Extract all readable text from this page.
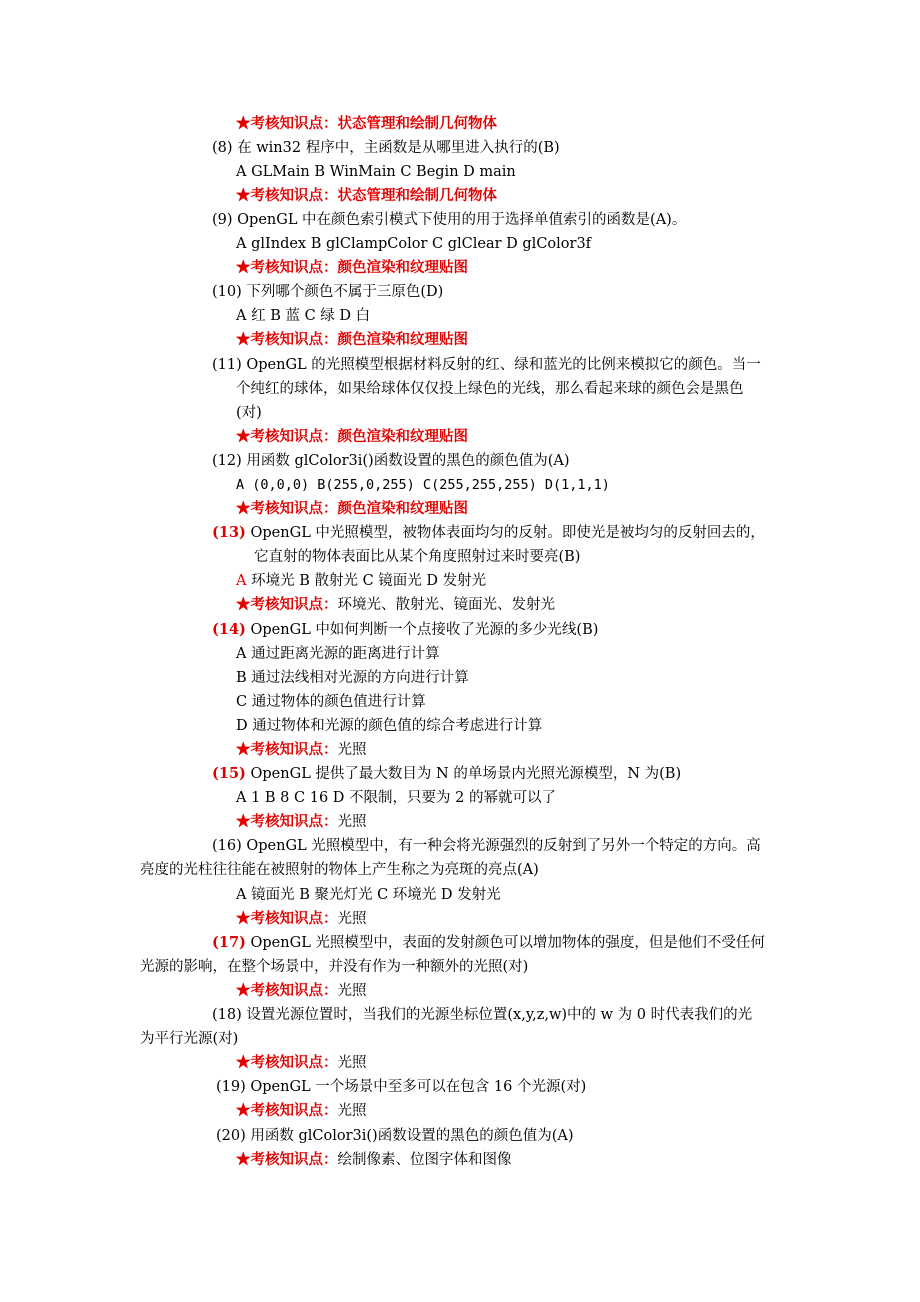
★考核知识点：状态管理和绘制几何物体
(8) 在 win32 程序中，主函数是从哪里进入执行的(B)
A GLMain B WinMain C Begin D main
★考核知识点：状态管理和绘制几何物体
(9) OpenGL 中在颜色索引模式下使用的用于选择单值索引的函数是(A)。
A glIndex B glClampColor C glClear D glColor3f
★考核知识点：颜色渲染和纹理贴图
(10) 下列哪个颜色不属于三原色(D)
A 红 B 蓝 C 绿 D 白
★考核知识点：颜色渲染和纹理贴图
(11) OpenGL 的光照模型根据材料反射的红、绿和蓝光的比例来模拟它的颜色。当一
个纯红的球体，如果给球体仅仅投上绿色的光线，那么看起来球的颜色会是黑色
(对)
★考核知识点：颜色渲染和纹理贴图
(12) 用函数 glColor3i()函数设置的黑色的颜色值为(A)
A (0,0,0) B(255,0,255) C(255,255,255) D(1,1,1)
★考核知识点：颜色渲染和纹理贴图
(13) OpenGL 中光照模型，被物体表面均匀的反射。即使光是被均匀的反射回去的，
它直射的物体表面比从某个角度照射过来时要亮(B)
A 环境光 B 散射光 C 镜面光 D 发射光
★考核知识点：环境光、散射光、镜面光、发射光
(14) OpenGL 中如何判断一个点接收了光源的多少光线(B)
A 通过距离光源的距离进行计算
B 通过法线相对光源的方向进行计算
C 通过物体的颜色值进行计算
D 通过物体和光源的颜色值的综合考虑进行计算
★考核知识点：光照
(15) OpenGL 提供了最大数目为 N 的单场景内光照光源模型，N 为(B)
A 1 B 8 C 16 D 不限制，只要为 2 的幂就可以了
★考核知识点：光照
(16) OpenGL 光照模型中，有一种会将光源强烈的反射到了另外一个特定的方向。高
亮度的光柱往往能在被照射的物体上产生称之为亮斑的亮点(A)
A 镜面光 B 聚光灯光 C 环境光 D 发射光
★考核知识点：光照
(17) OpenGL 光照模型中，表面的发射颜色可以增加物体的强度，但是他们不受任何
光源的影响，在整个场景中，并没有作为一种额外的光照(对)
★考核知识点：光照
(18) 设置光源位置时，当我们的光源坐标位置(x,y,z,w)中的 w 为 0 时代表我们的光
为平行光源(对)
★考核知识点：光照
(19) OpenGL 一个场景中至多可以在包含 16 个光源(对)
★考核知识点：光照
(20) 用函数 glColor3i()函数设置的黑色的颜色值为(A)
★考核知识点：绘制像素、位图字体和图像
